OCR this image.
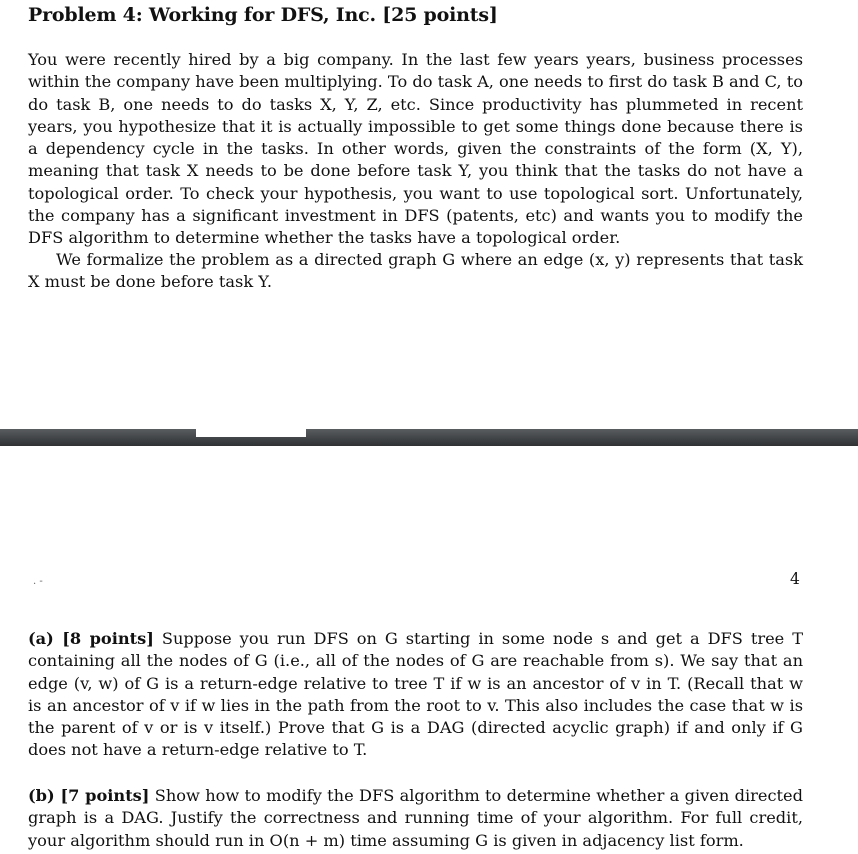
Problem 4: Working for DFS, Inc. [25 points]

You were recently hired by a big company. In the last few years years, business processes within the company have been multiplying. To do task A, one needs to first do task B and C, to do task B, one needs to do tasks X, Y, Z, etc. Since productivity has plummeted in recent years, you hypothesize that it is actually impossible to get some things done because there is a dependency cycle in the tasks. In other words, given the constraints of the form (X, Y), meaning that task X needs to be done before task Y, you think that the tasks do not have a topological order. To check your hypothesis, you want to use topological sort. Unfortunately, the company has a significant investment in DFS (patents, etc) and wants you to modify the DFS algorithm to determine whether the tasks have a topological order.

We formalize the problem as a directed graph G where an edge (x, y) represents that task X must be done before task Y.

. -	4

(a) [8 points] Suppose you run DFS on G starting in some node s and get a DFS tree T containing all the nodes of G (i.e., all of the nodes of G are reachable from s). We say that an edge (v, w) of G is a return-edge relative to tree T if w is an ancestor of v in T. (Recall that w is an ancestor of v if w lies in the path from the root to v. This also includes the case that w is the parent of v or is v itself.) Prove that G is a DAG (directed acyclic graph) if and only if G does not have a return-edge relative to T.

(b) [7 points] Show how to modify the DFS algorithm to determine whether a given directed graph is a DAG. Justify the correctness and running time of your algorithm. For full credit, your algorithm should run in O(n + m) time assuming G is given in adjacency list form.
